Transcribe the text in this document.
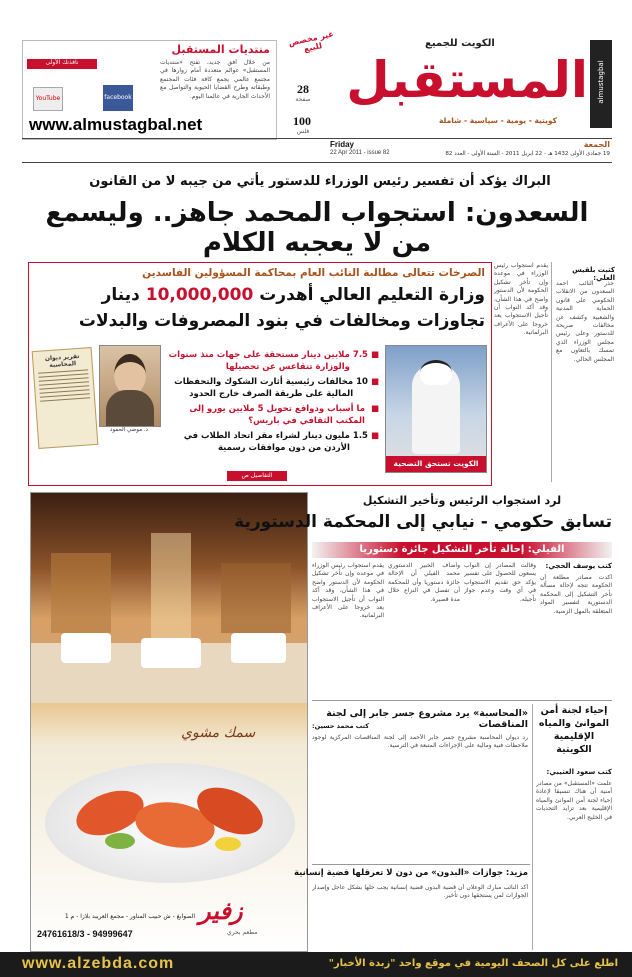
منتديات المستقبل
نافذتك الأولى	من خلال أفق جديد، تفتح «منتديات المستقبل» عوالم متعددة أمام زوارها في مجتمع عالمي يجمع كافة فئات المجتمع وطبقاته وطرح القضايا الحيوية والتواصل مع الأحداث الجارية في عالمنا اليوم.
facebook
YouTube
www.almustagbal.net
غير مخصص للبيع
28
صفحة
100
فلس
الكويت للجميع
المستقبل almustagbal
كويتية - يومية - سياسية - شاملة
Friday
22 Apr 2011 - issue 82
الجمعة
19 جمادى الأولى 1432 هـ - 22 ابريل 2011 - السنة الأولى - العدد 82
البراك يؤكد أن تفسير رئيس الوزراء للدستور يأتي من جيبه لا من القانون
السعدون: استجواب المحمد جاهز.. وليسمع من لا يعجبه الكلام
كتبت بلقيس العلي:
حذر النائب احمد السعدون من الانقلاب الحكومي على قانون الحماية المدنية والشعبية وكشف عن مخالفات صريحة للدستور وعلى رئيس مجلس الوزراء الذي تمسك بالتعاون مع المجلس الحالي.
يقدم استجواب رئيس الوزراء في موعده وإن تأخر تشكيل الحكومة لأن الدستور واضح في هذا الشأن، وقد أكد النواب أن تأجيل الاستجواب يعد خروجا على الأعراف البرلمانية.
الصرخات تتعالى مطالبة النائب العام بمحاكمة المسؤولين الفاسدين
وزارة التعليم العالي أهدرت 10,000,000 دينار
تجاوزات ومخالفات في بنود المصروفات والبدلات
الكويت تستحق التضحية
تقرير ديوان المحاسبة
د. موضي الحمود
■
7.5
ملايين دينار مستحقة على جهات منذ سنوات والوزارة تتقاعس عن تحصيلها
■
10
مخالفات رئيسية أثارت الشكوك والتحفظات المالية على طريقة الصرف خارج الحدود
■
ما أسباب ودوافع تحويل 5 ملايين يورو إلى المكتب الثقافي في باريس؟
■
1.5
مليون دينار لشراء مقر اتحاد الطلاب في الأردن من دون موافقات رسمية
التفاصيل ص
سمك مشوي
زفير
مطعم بحري
الصوابغ - ش حبيب المناور - مجمع العريبد بلازا - م 1
24761618/3 - 94999647
لرد استجواب الرئيس وتأخير التشكيل
تسابق حكومي - نيابي إلى المحكمة الدستورية
الفيلي: إحالة تأخر التشكيل جائزة دستوريا
كتب يوسف الحجي:
أكدت مصادر مطلعة أن الحكومة تتجه لإحالة مسألة تأخر التشكيل إلى المحكمة الدستورية لتفسير المواد المتعلقة بالمهل الزمنية.
وقالت المصادر إن النواب يسعون للحصول على تفسير يؤكد حق تقديم الاستجواب في أي وقت وعدم جواز تأجيله.
وأضاف الخبير الدستوري محمد الفيلي أن الإحالة جائزة دستوريا وأن للمحكمة أن تفصل في النزاع خلال مدة قصيرة.
يقدم استجواب رئيس الوزراء في موعده وإن تأخر تشكيل الحكومة لأن الدستور واضح في هذا الشأن، وقد أكد النواب أن تأجيل الاستجواب يعد خروجا على الأعراف البرلمانية.
إحياء لجنة أمن الموانئ والمياه الإقليمية الكويتية
كتب سعود العتيبي:
علمت «المستقبل» من مصادر أمنية أن هناك تنسيقا لإعادة إحياء لجنة أمن الموانئ والمياه الإقليمية بعد تزايد التحديات في الخليج العربي.
«المحاسبة» يرد مشروع جسر جابر إلى لجنة المناقصات
كتب محمد حسين:
رد ديوان المحاسبة مشروع جسر جابر الأحمد إلى لجنة المناقصات المركزية لوجود ملاحظات فنية ومالية على الإجراءات المتبعة في الترسية.
مزيد: جوازات «البدون» من دون لا تعرقلها قضية إنسانية
أكد النائب مبارك الوعلان أن قضية البدون قضية إنسانية يجب حلها بشكل عاجل وإصدار الجوازات لمن يستحقها دون تأخير.
www.alzebda.com	اطلع على كل الصحف اليومية في موقع واحد "زبدة الأخبار"
